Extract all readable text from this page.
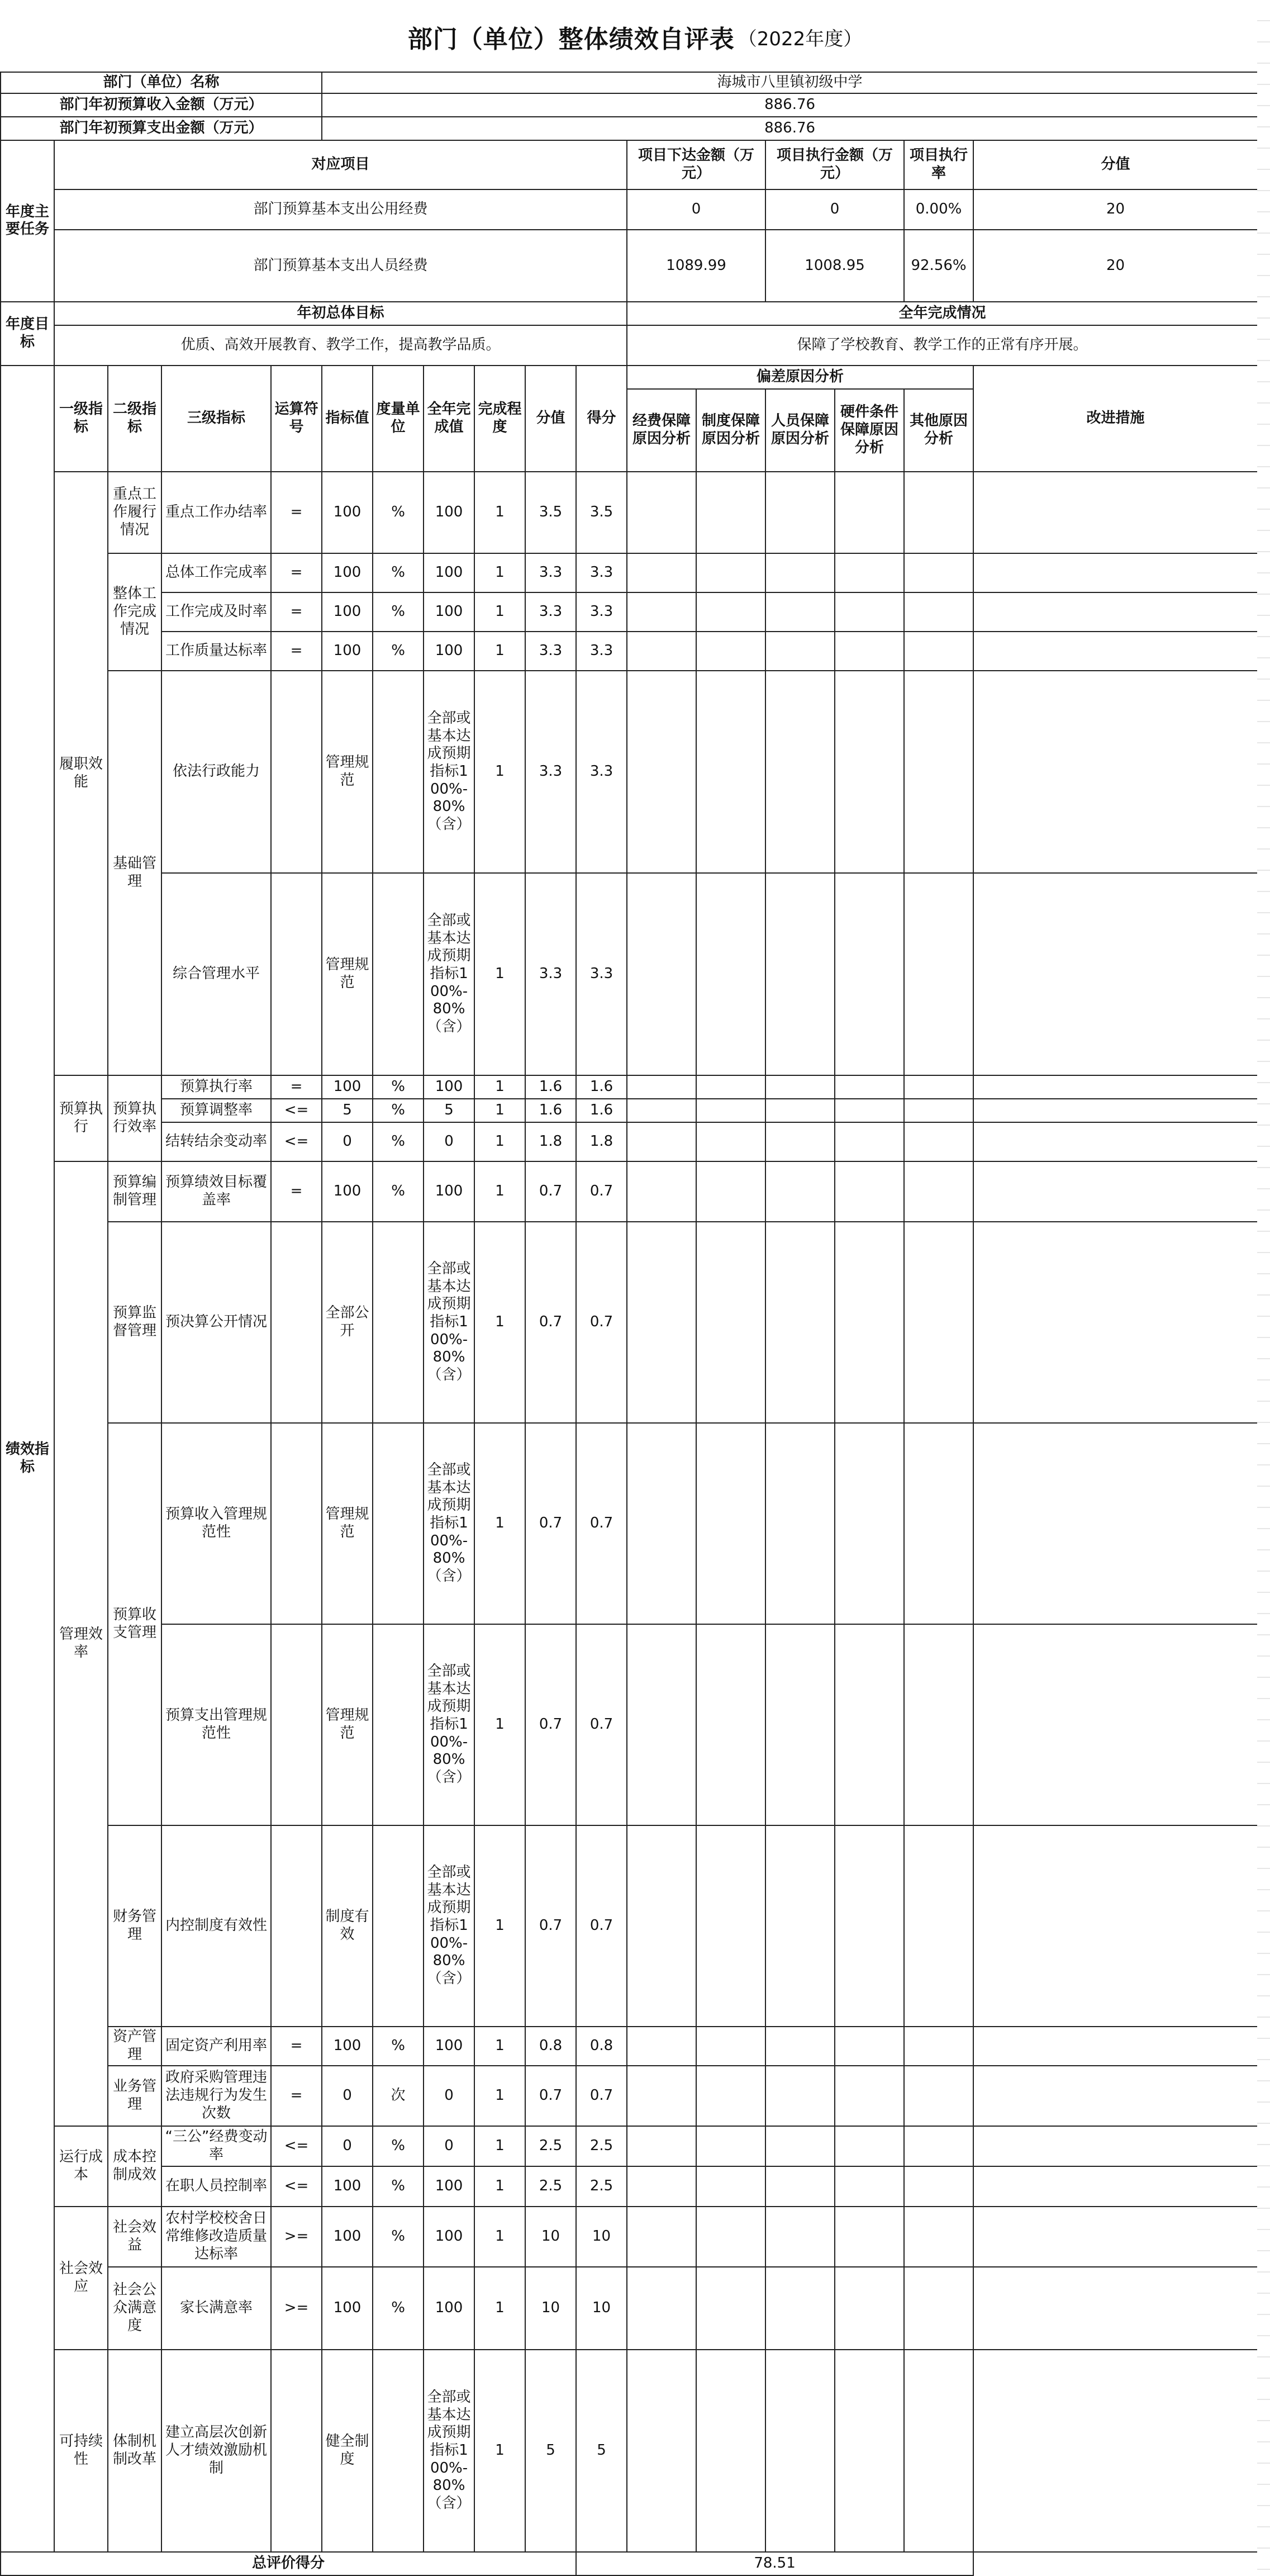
部门（单位）整体绩效自评表 （2022年度）
部门（单位）名称					海城市八里镇初级中学												
部门年初预算收入金额（万元）					886.76												
部门年初预算支出金额（万元）					886.76												
年度主要任务	对应项目										项目下达金额（万元）		项目执行金额（万元）		项目执行率	分值	
	部门预算基本支出公用经费										0		0		0.00%	20	
	部门预算基本支出人员经费										1089.99		1008.95		92.56%	20	
年度目标	年初总体目标										全年完成情况						
	优质、高效开展教育、教学工作，提高教学品质。										保障了学校教育、教学工作的正常有序开展。						
绩效指标	一级指标	二级指标	三级指标	运算符号	指标值	度量单位	全年完成值	完成程度	分值	得分	偏差原因分析					改进措施	
											经费保障原因分析	制度保障原因分析	人员保障原因分析	硬件条件保障原因分析	其他原因分析		
	履职效能	重点工作履行情况	重点工作办结率	=	100	%	100	1	3.5	3.5							
		整体工作完成情况	总体工作完成率	=	100	%	100	1	3.3	3.3							
			工作完成及时率	=	100	%	100	1	3.3	3.3							
			工作质量达标率	=	100	%	100	1	3.3	3.3							
		基础管理	依法行政能力		管理规范		全部或基本达成预期指标100%-80%（含）	1	3.3	3.3							
			综合管理水平		管理规范		全部或基本达成预期指标100%-80%（含）	1	3.3	3.3							
	预算执行	预算执行效率	预算执行率	=	100	%	100	1	1.6	1.6							
			预算调整率	<=	5	%	5	1	1.6	1.6							
			结转结余变动率	<=	0	%	0	1	1.8	1.8							
	管理效率	预算编制管理	预算绩效目标覆盖率	=	100	%	100	1	0.7	0.7							
		预算监督管理	预决算公开情况		全部公开		全部或基本达成预期指标100%-80%（含）	1	0.7	0.7							
		预算收支管理	预算收入管理规范性		管理规范		全部或基本达成预期指标100%-80%（含）	1	0.7	0.7							
			预算支出管理规范性		管理规范		全部或基本达成预期指标100%-80%（含）	1	0.7	0.7							
		财务管理	内控制度有效性		制度有效		全部或基本达成预期指标100%-80%（含）	1	0.7	0.7							
		资产管理	固定资产利用率	=	100	%	100	1	0.8	0.8							
		业务管理	政府采购管理违法违规行为发生次数	=	0	次	0	1	0.7	0.7							
	运行成本	成本控制成效	“三公”经费变动率	<=	0	%	0	1	2.5	2.5							
			在职人员控制率	<=	100	%	100	1	2.5	2.5							
	社会效应	社会效益	农村学校校舍日常维修改造质量达标率	>=	100	%	100	1	10	10							
		社会公众满意度	家长满意率	>=	100	%	100	1	10	10							
	可持续性	体制机制改革	建立高层次创新人才绩效激励机制		健全制度		全部或基本达成预期指标100%-80%（含）	1	5	5							
总评价得分										78.51							
